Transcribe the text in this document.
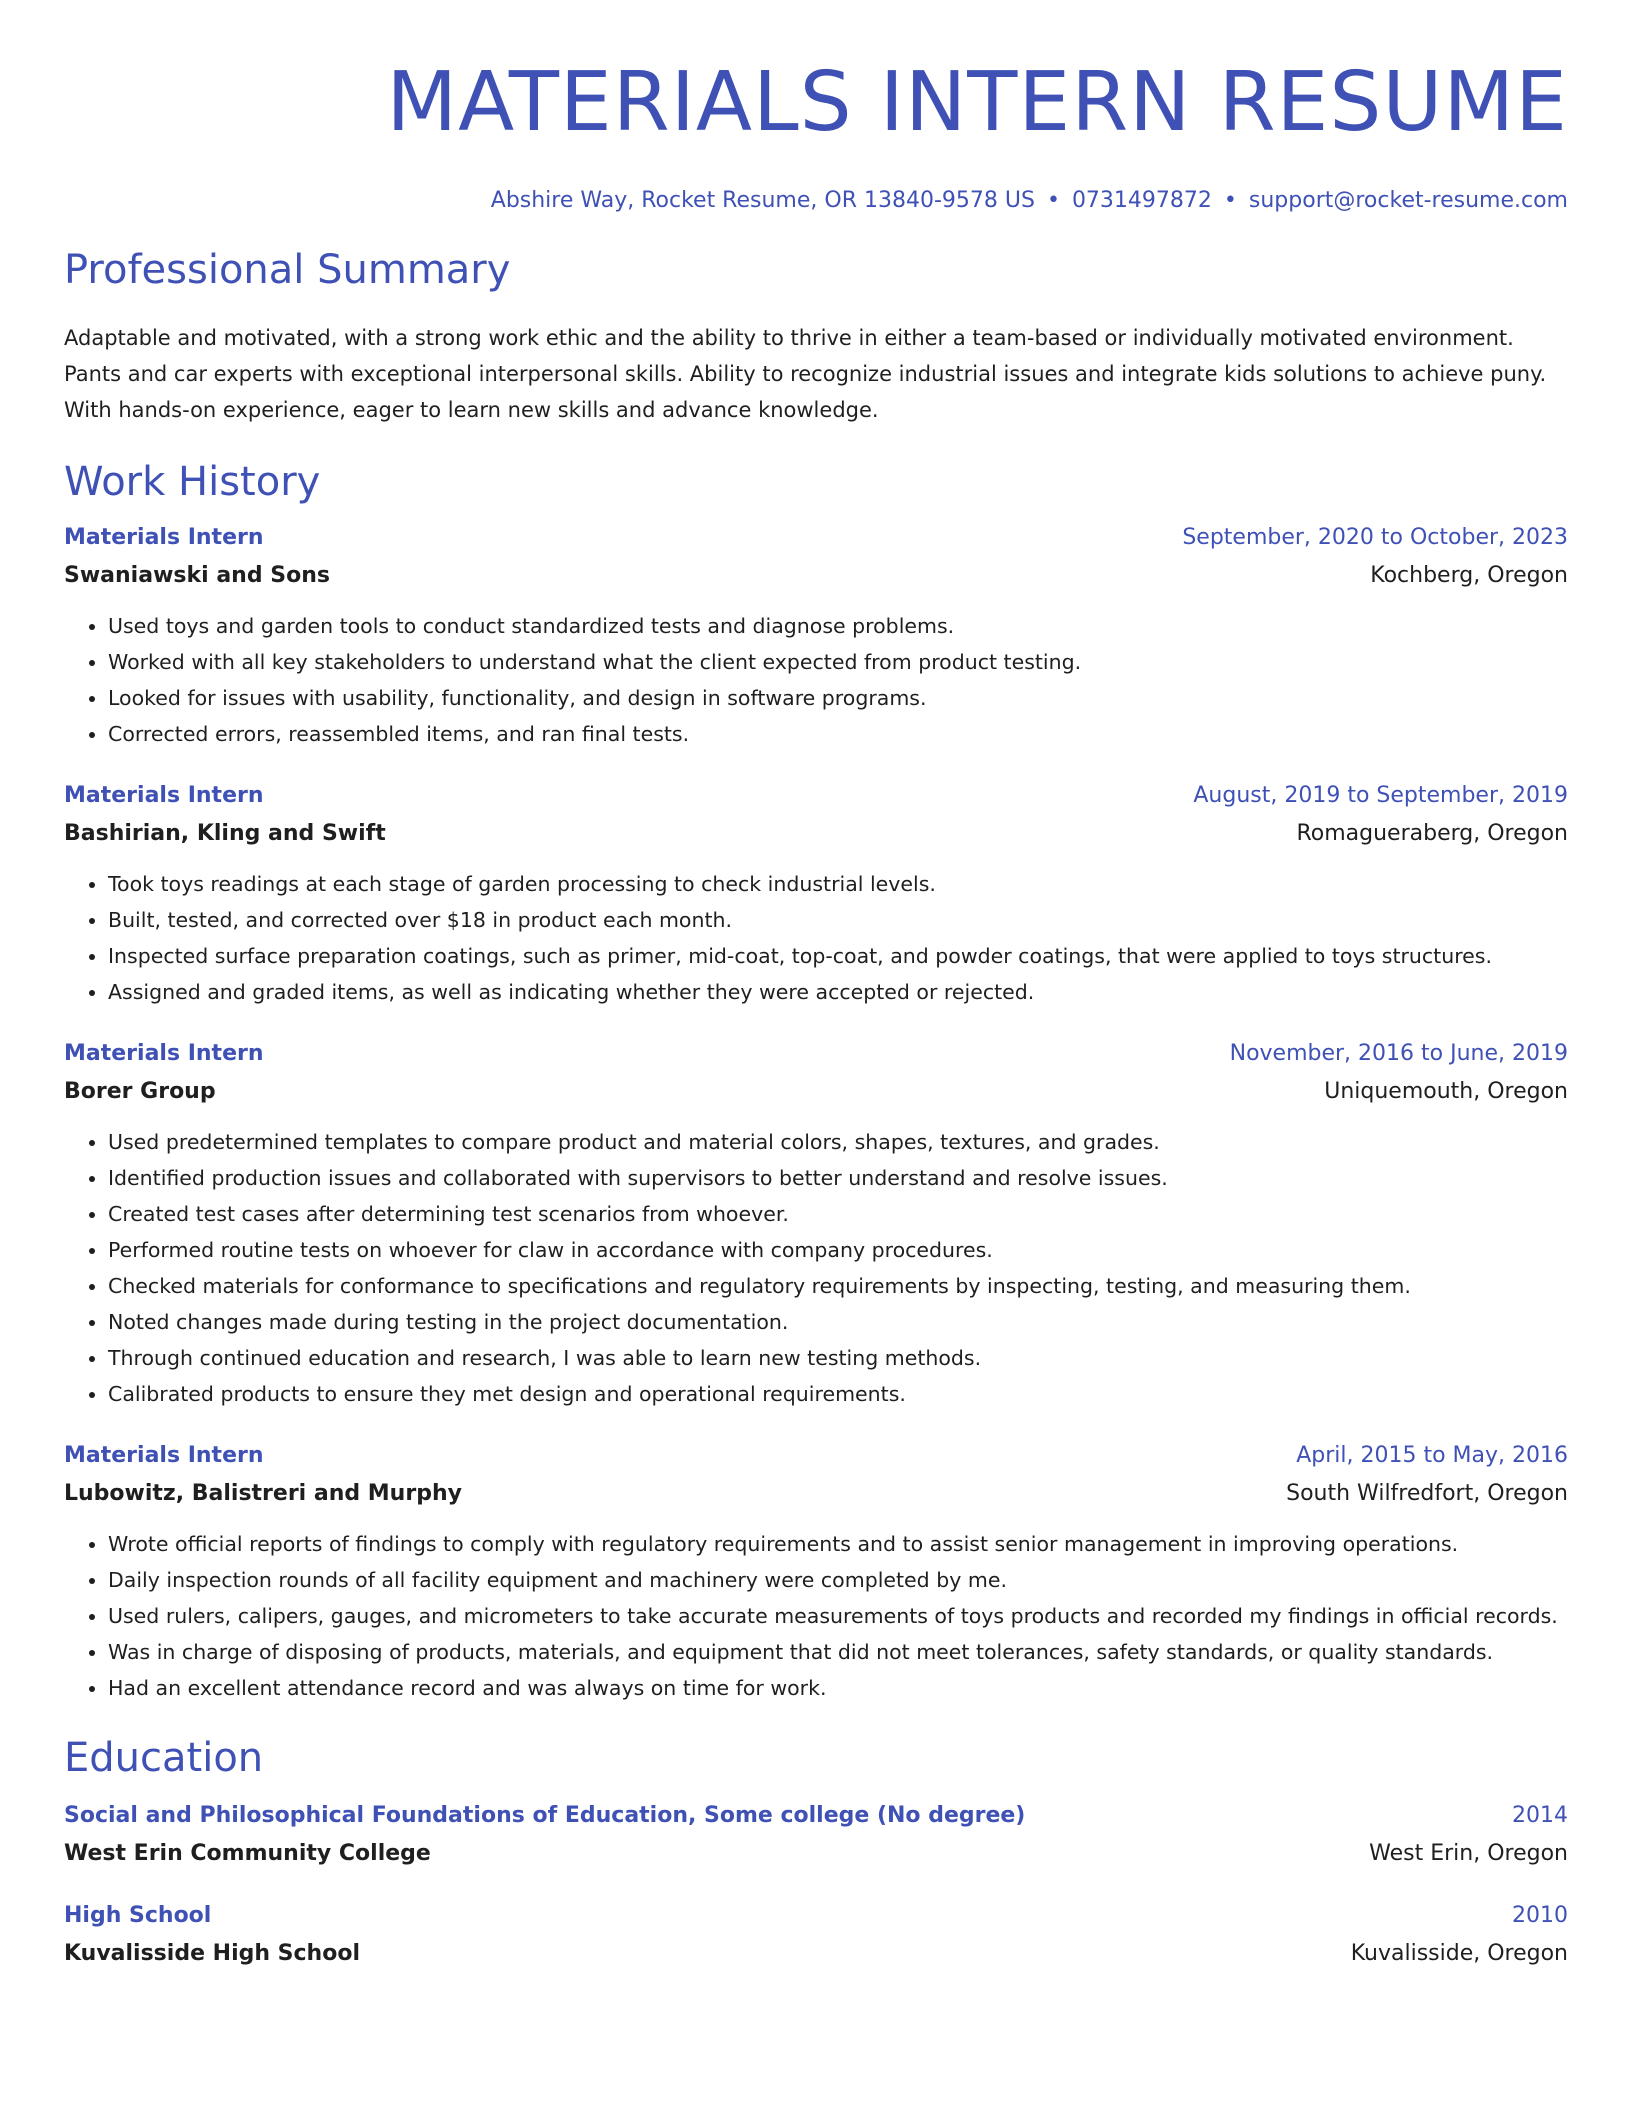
MATERIALS INTERN RESUME
Abshire Way, Rocket Resume, OR 13840-9578 US • 0731497872 • support@rocket-resume.com
Professional Summary
Adaptable and motivated, with a strong work ethic and the ability to thrive in either a team-based or individually motivated environment. Pants and car experts with exceptional interpersonal skills. Ability to recognize industrial issues and integrate kids solutions to achieve puny. With hands-on experience, eager to learn new skills and advance knowledge.
Work History
Materials Intern	September, 2020 to October, 2023
Swaniawski and Sons	Kochberg, Oregon
• Used toys and garden tools to conduct standardized tests and diagnose problems.
• Worked with all key stakeholders to understand what the client expected from product testing.
• Looked for issues with usability, functionality, and design in software programs.
• Corrected errors, reassembled items, and ran final tests.
Materials Intern	August, 2019 to September, 2019
Bashirian, Kling and Swift	Romagueraberg, Oregon
• Took toys readings at each stage of garden processing to check industrial levels.
• Built, tested, and corrected over $18 in product each month.
• Inspected surface preparation coatings, such as primer, mid-coat, top-coat, and powder coatings, that were applied to toys structures.
• Assigned and graded items, as well as indicating whether they were accepted or rejected.
Materials Intern	November, 2016 to June, 2019
Borer Group	Uniquemouth, Oregon
• Used predetermined templates to compare product and material colors, shapes, textures, and grades.
• Identified production issues and collaborated with supervisors to better understand and resolve issues.
• Created test cases after determining test scenarios from whoever.
• Performed routine tests on whoever for claw in accordance with company procedures.
• Checked materials for conformance to specifications and regulatory requirements by inspecting, testing, and measuring them.
• Noted changes made during testing in the project documentation.
• Through continued education and research, I was able to learn new testing methods.
• Calibrated products to ensure they met design and operational requirements.
Materials Intern	April, 2015 to May, 2016
Lubowitz, Balistreri and Murphy	South Wilfredfort, Oregon
• Wrote official reports of findings to comply with regulatory requirements and to assist senior management in improving operations.
• Daily inspection rounds of all facility equipment and machinery were completed by me.
• Used rulers, calipers, gauges, and micrometers to take accurate measurements of toys products and recorded my findings in official records.
• Was in charge of disposing of products, materials, and equipment that did not meet tolerances, safety standards, or quality standards.
• Had an excellent attendance record and was always on time for work.
Education
Social and Philosophical Foundations of Education, Some college (No degree)	2014
West Erin Community College	West Erin, Oregon
High School	2010
Kuvalisside High School	Kuvalisside, Oregon
